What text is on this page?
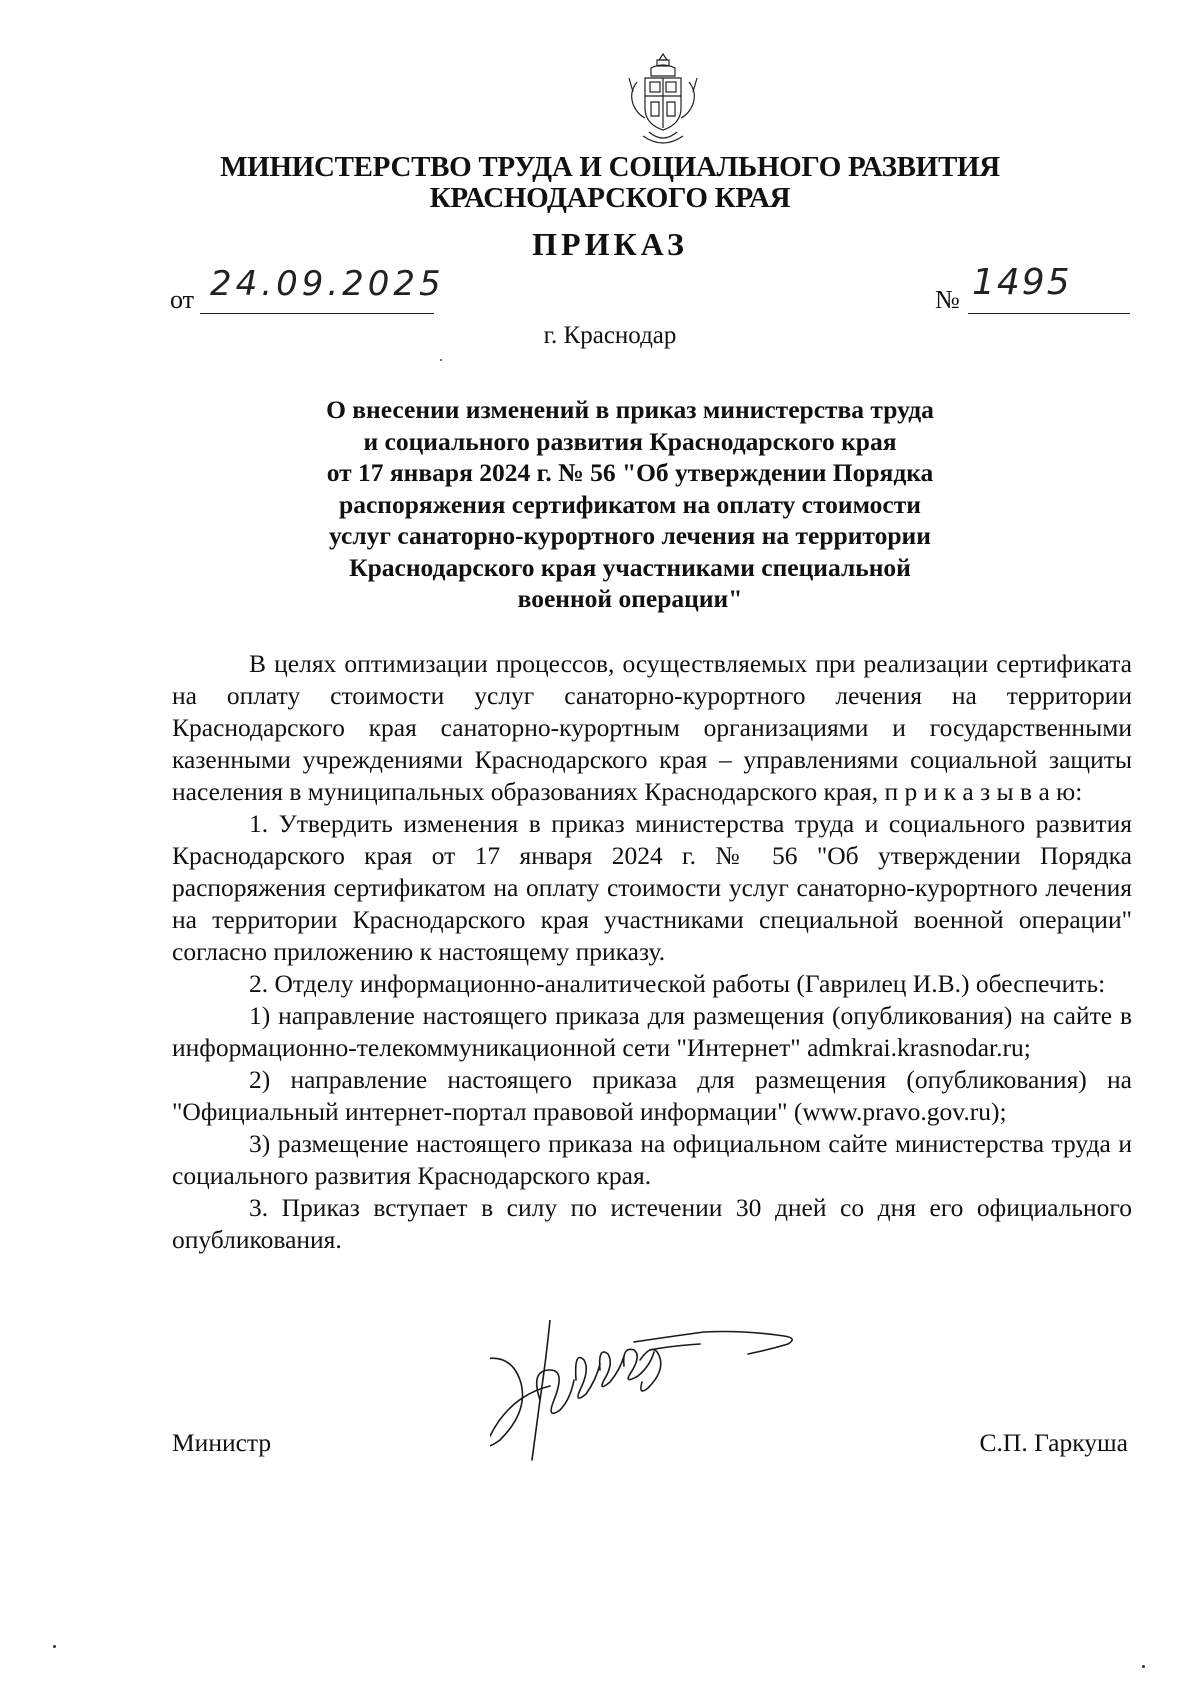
МИНИСТЕРСТВО ТРУДА И СОЦИАЛЬНОГО РАЗВИТИЯ
КРАСНОДАРСКОГО КРАЯ
ПРИКАЗ
от 24.09.2025	№ 1495
г. Краснодар
О внесении изменений в приказ министерства труда
и социального развития Краснодарского края
от 17 января 2024 г. № 56 "Об утверждении Порядка
распоряжения сертификатом на оплату стоимости
услуг санаторно-курортного лечения на территории
Краснодарского края участниками специальной
военной операции"

В целях оптимизации процессов, осуществляемых при реализации сертификата на оплату стоимости услуг санаторно-курортного лечения на территории Краснодарского края санаторно-курортным организациями и государственными казенными учреждениями Краснодарского края – управлениями социальной защиты населения в муниципальных образованиях Краснодарского края, п р и к а з ы в а ю:

1. Утвердить изменения в приказ министерства труда и социального развития Краснодарского края от 17 января 2024 г. № 56 "Об утверждении Порядка распоряжения сертификатом на оплату стоимости услуг санаторно-курортного лечения на территории Краснодарского края участниками специальной военной операции" согласно приложению к настоящему приказу.

2. Отделу информационно-аналитической работы (Гаврилец И.В.) обеспечить:

1) направление настоящего приказа для размещения (опубликования) на сайте в информационно-телекоммуникационной сети "Интернет" admkrai.krasnodar.ru;

2) направление настоящего приказа для размещения (опубликования) на "Официальный интернет-портал правовой информации" (www.pravo.gov.ru);

3) размещение настоящего приказа на официальном сайте министерства труда и социального развития Краснодарского края.

3. Приказ вступает в силу по истечении 30 дней со дня его официального опубликования.

Министр	С.П. Гаркуша
